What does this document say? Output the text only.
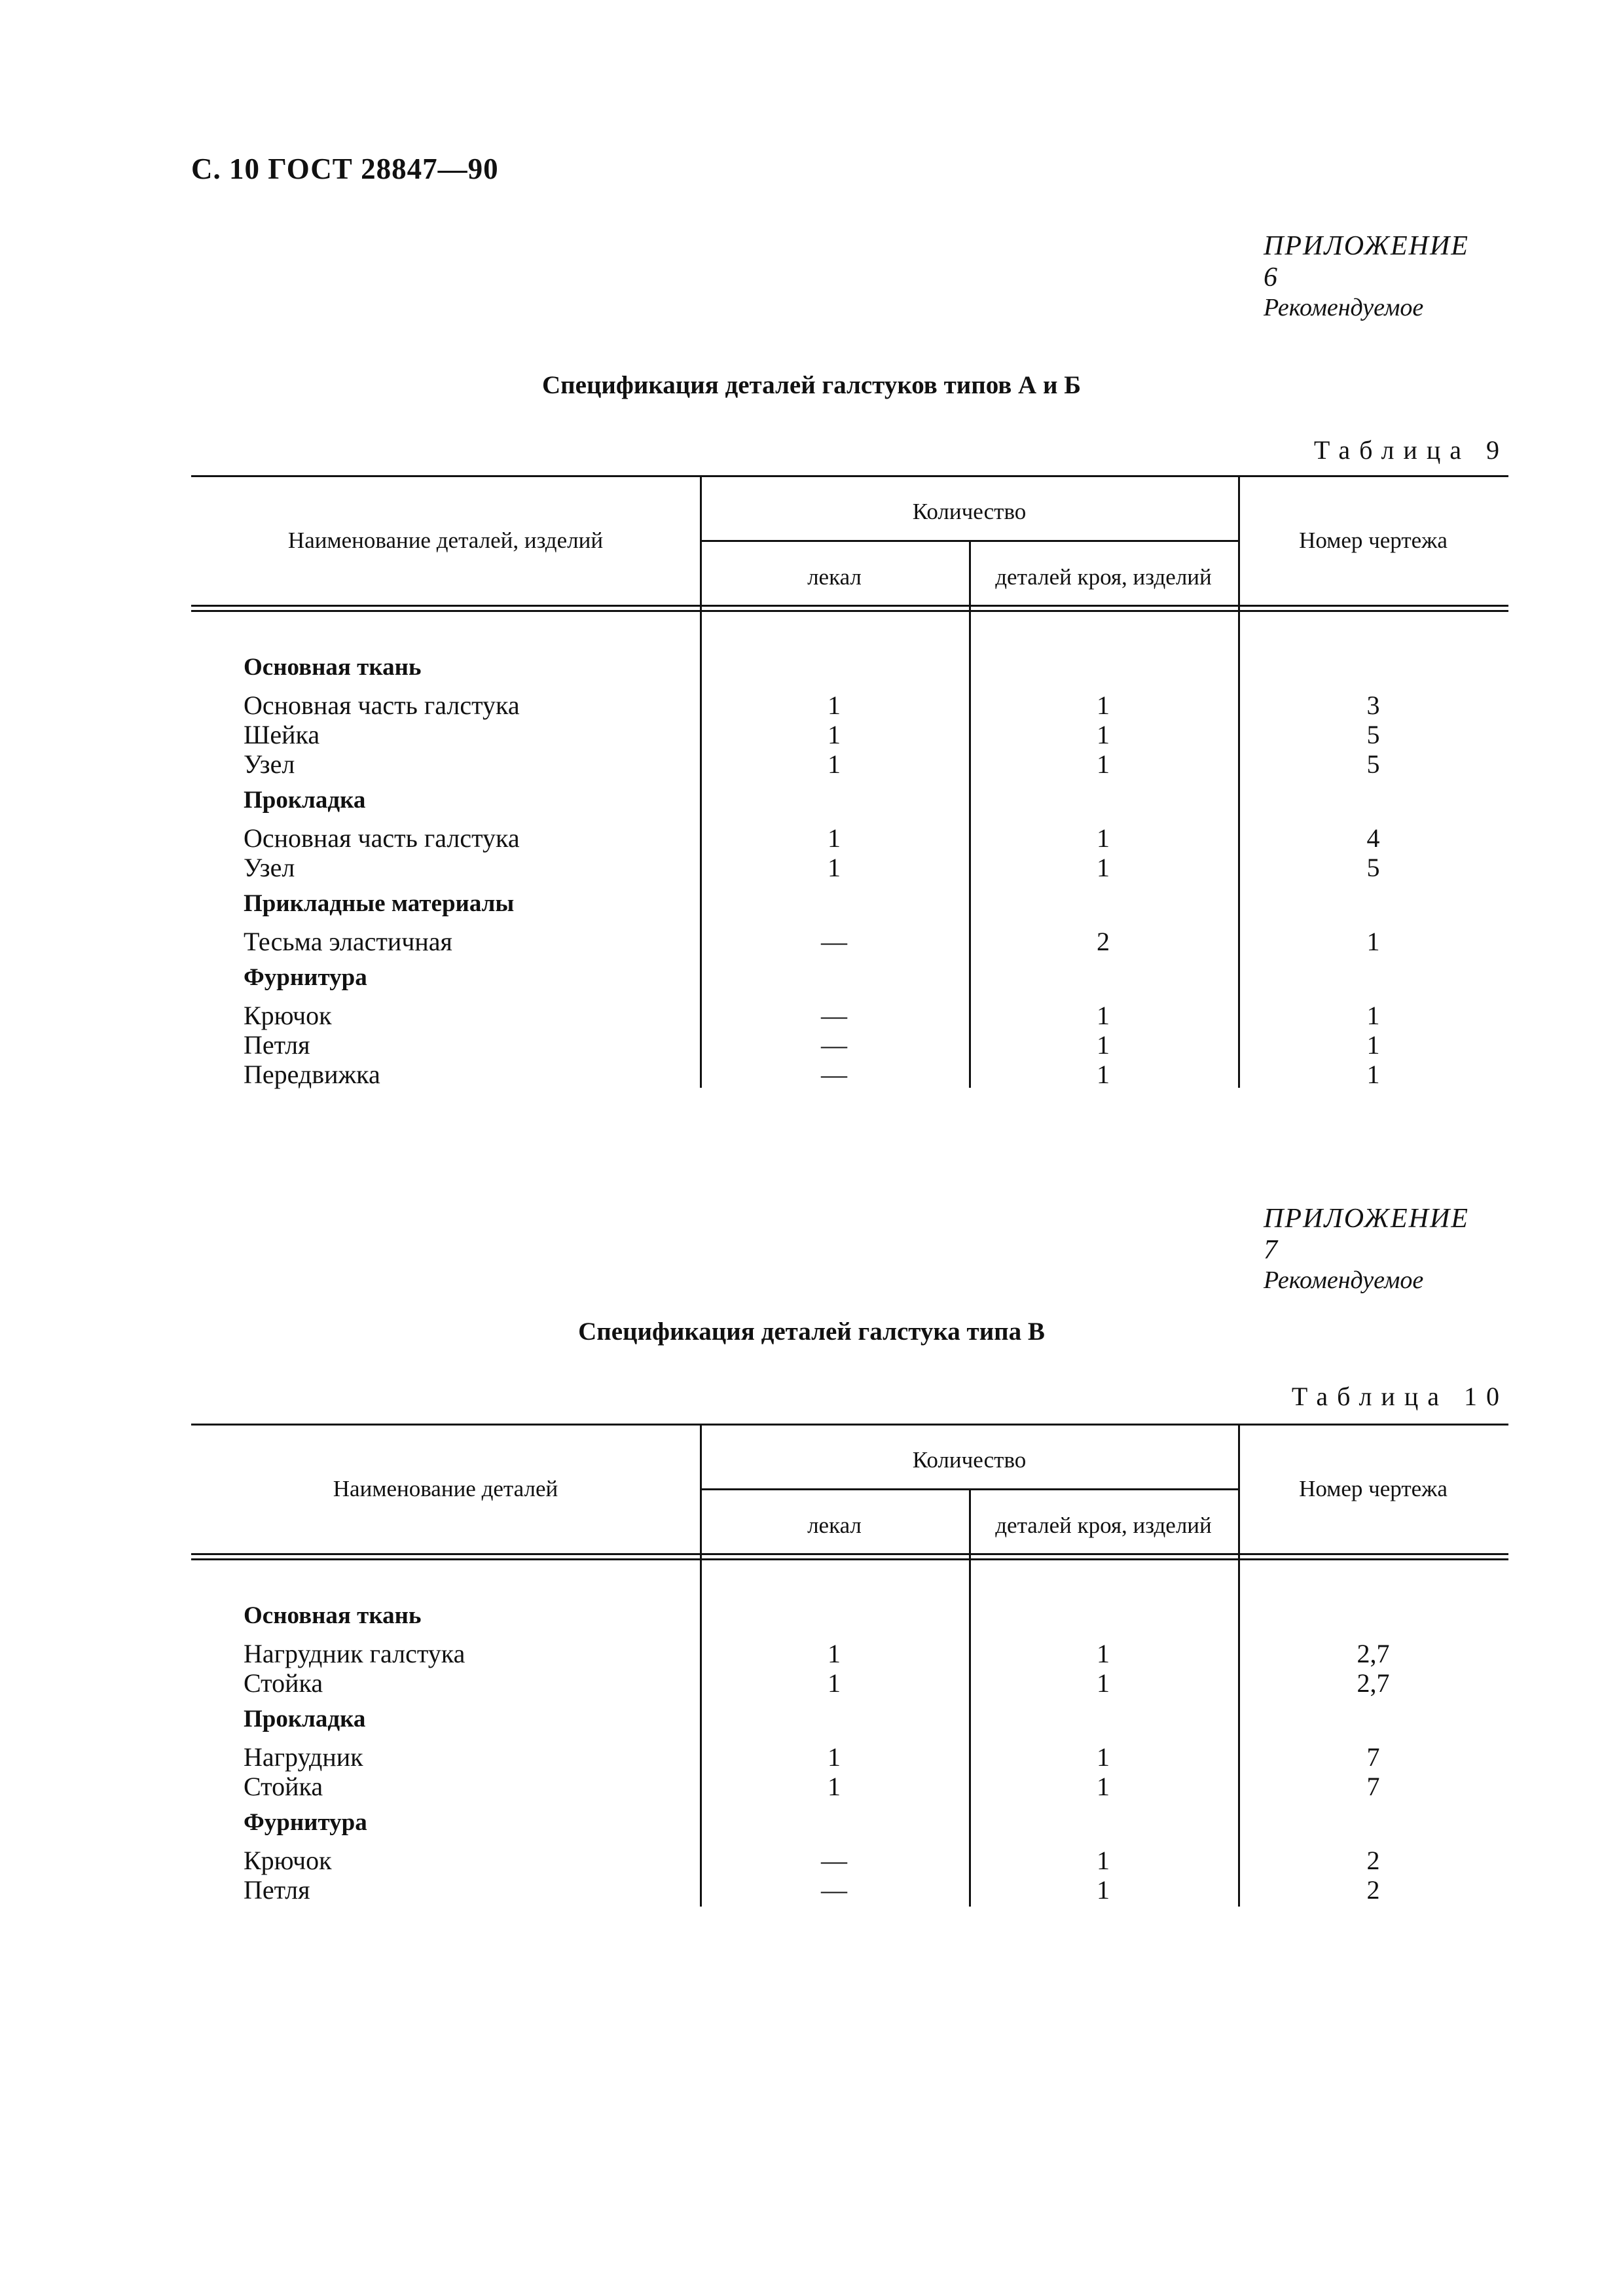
С. 10 ГОСТ 28847—90
ПРИЛОЖЕНИЕ 6
Рекомендуемое
Спецификация деталей галстуков типов А и Б
Таблица 9
Наименование деталей, изделий
Количество
лекал	деталей кроя, изделий
Номер чертежа
Основная ткань
Основная часть галстука	1	1	3
Шейка	1	1	5
Узел	1	1	5
Прокладка
Основная часть галстука	1	1	4
Узел	1	1	5
Прикладные материалы
Тесьма эластичная	—	2	1
Фурнитура
Крючок	—	1	1
Петля	—	1	1
Передвижка	—	1	1
ПРИЛОЖЕНИЕ 7
Рекомендуемое
Спецификация деталей галстука типа В
Таблица 10
Наименование деталей
Количество
лекал	деталей кроя, изделий
Номер чертежа
Основная ткань
Нагрудник галстука	1	1	2,7
Стойка	1	1	2,7
Прокладка
Нагрудник	1	1	7
Стойка	1	1	7
Фурнитура
Крючок	—	1	2
Петля	—	1	2
